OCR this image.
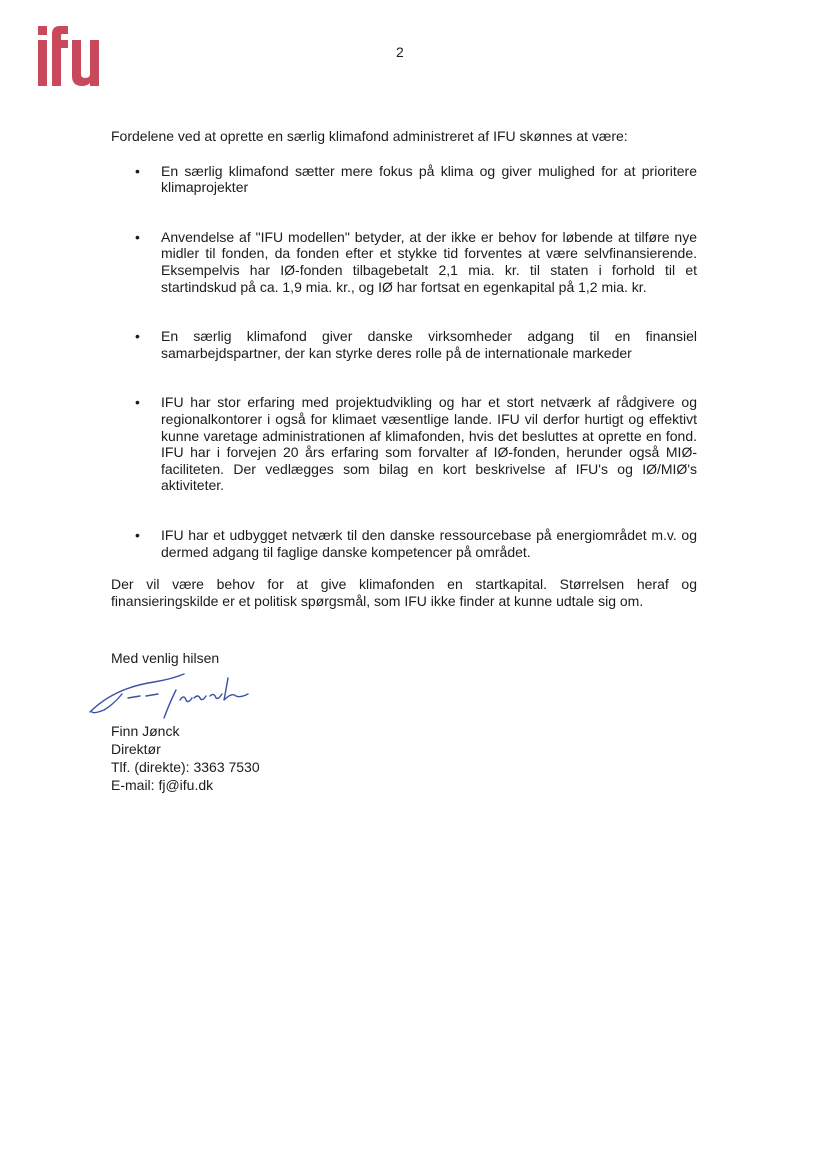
2

Fordelene ved at oprette en særlig klimafond administreret af IFU skønnes at være:

• En særlig klimafond sætter mere fokus på klima og giver mulighed for at prioritere klimaprojekter
• Anvendelse af "IFU modellen" betyder, at der ikke er behov for løbende at tilføre nye midler til fonden, da fonden efter et stykke tid forventes at være selvfinansierende. Eksempelvis har IØ-fonden tilbagebetalt 2,1 mia. kr. til staten i forhold til et startindskud på ca. 1,9 mia. kr., og IØ har fortsat en egenkapital på 1,2 mia. kr.
• En særlig klimafond giver danske virksomheder adgang til en finansiel samarbejdspartner, der kan styrke deres rolle på de internationale markeder
• IFU har stor erfaring med projektudvikling og har et stort netværk af rådgivere og regionalkontorer i også for klimaet væsentlige lande. IFU vil derfor hurtigt og effektivt kunne varetage administrationen af klimafonden, hvis det besluttes at oprette en fond. IFU har i forvejen 20 års erfaring som forvalter af IØ-fonden, herunder også MIØ-faciliteten. Der vedlægges som bilag en kort beskrivelse af IFU's og IØ/MIØ's aktiviteter.
• IFU har et udbygget netværk til den danske ressourcebase på energiområdet m.v. og dermed adgang til faglige danske kompetencer på området.

Der vil være behov for at give klimafonden en startkapital. Størrelsen heraf og finansieringskilde er et politisk spørgsmål, som IFU ikke finder at kunne udtale sig om.

Med venlig hilsen
Finn Jønck
Direktør
Tlf. (direkte): 3363 7530
E-mail: fj@ifu.dk
